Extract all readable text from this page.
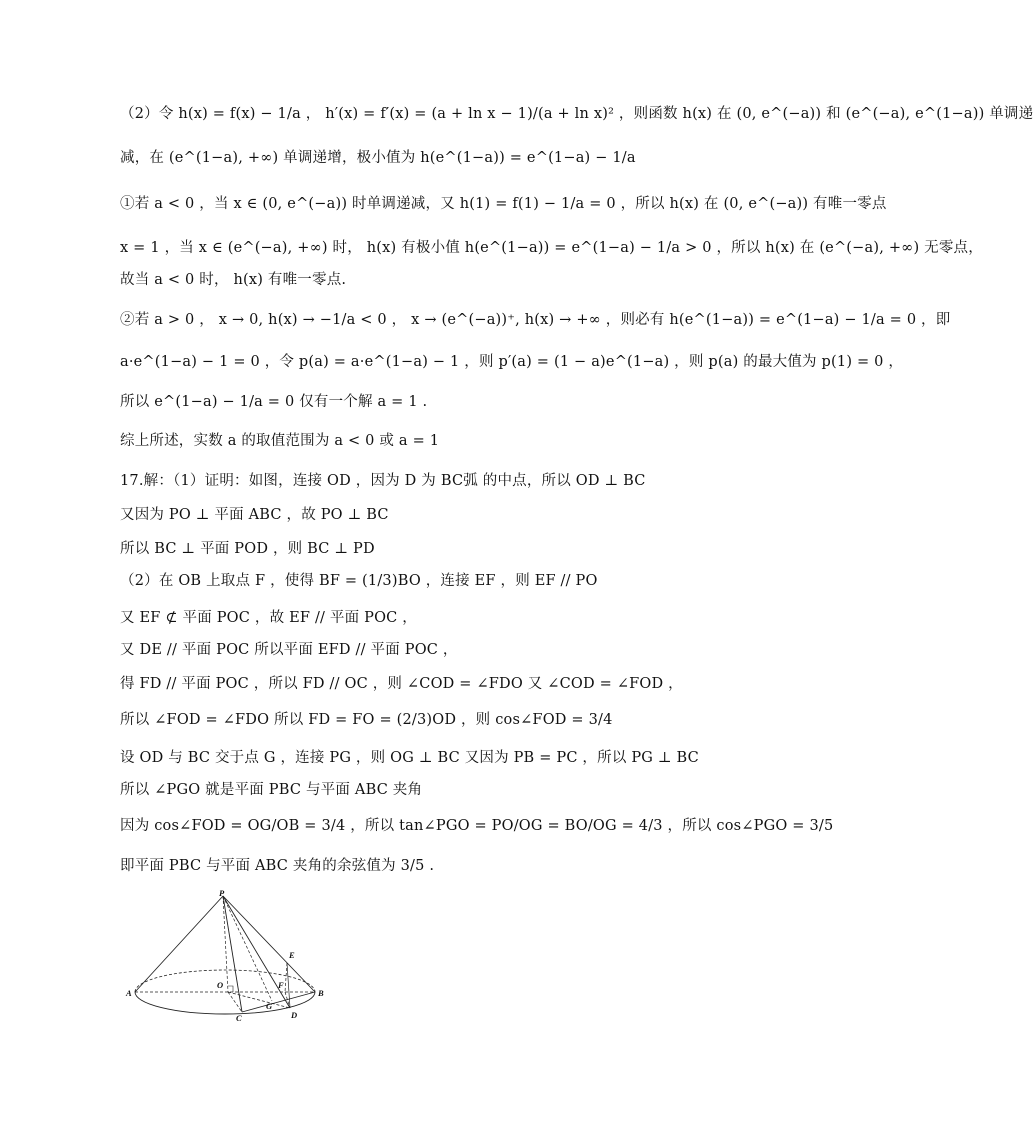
（2）令 h(x) = f(x) − 1/a ， h′(x) = f′(x) = (a + ln x − 1)/(a + ln x)² ，则函数 h(x) 在 (0, e^(−a)) 和 (e^(−a), e^(1−a)) 单调递
减，在 (e^(1−a), +∞) 单调递增，极小值为 h(e^(1−a)) = e^(1−a) − 1/a
①若 a < 0 ，当 x ∈ (0, e^(−a)) 时单调递减，又 h(1) = f(1) − 1/a = 0 ，所以 h(x) 在 (0, e^(−a)) 有唯一零点
x = 1 ，当 x ∈ (e^(−a), +∞) 时， h(x) 有极小值 h(e^(1−a)) = e^(1−a) − 1/a > 0 ，所以 h(x) 在 (e^(−a), +∞) 无零点，
故当 a < 0 时， h(x) 有唯一零点.
②若 a > 0 ， x → 0, h(x) → −1/a < 0 ， x → (e^(−a))⁺, h(x) → +∞ ，则必有 h(e^(1−a)) = e^(1−a) − 1/a = 0 ，即
a·e^(1−a) − 1 = 0 ，令 p(a) = a·e^(1−a) − 1 ，则 p′(a) = (1 − a)e^(1−a) ，则 p(a) 的最大值为 p(1) = 0 ，
所以 e^(1−a) − 1/a = 0 仅有一个解 a = 1 .
综上所述，实数 a 的取值范围为 a < 0 或 a = 1
17.解：（1）证明：如图，连接 OD ，因为 D 为 BC弧 的中点，所以 OD ⊥ BC
又因为 PO ⊥ 平面 ABC ，故 PO ⊥ BC
所以 BC ⊥ 平面 POD ，则 BC ⊥ PD
（2）在 OB 上取点 F ，使得 BF = (1/3)BO ，连接 EF ，则 EF // PO
又 EF ⊄ 平面 POC ，故 EF // 平面 POC ，
又 DE // 平面 POC 所以平面 EFD // 平面 POC ，
得 FD // 平面 POC ，所以 FD // OC ，则 ∠COD = ∠FDO 又 ∠COD = ∠FOD ，
所以 ∠FOD = ∠FDO 所以 FD = FO = (2/3)OD ，则 cos∠FOD = 3/4
设 OD 与 BC 交于点 G ，连接 PG ，则 OG ⊥ BC 又因为 PB = PC ，所以 PG ⊥ BC
所以 ∠PGO 就是平面 PBC 与平面 ABC 夹角
因为 cos∠FOD = OG/OB = 3/4 ，所以 tan∠PGO = PO/OG = BO/OG = 4/3 ，所以 cos∠PGO = 3/5
即平面 PBC 与平面 ABC 夹角的余弦值为 3/5 .
P
E
A
O	F
B
G
C	D
